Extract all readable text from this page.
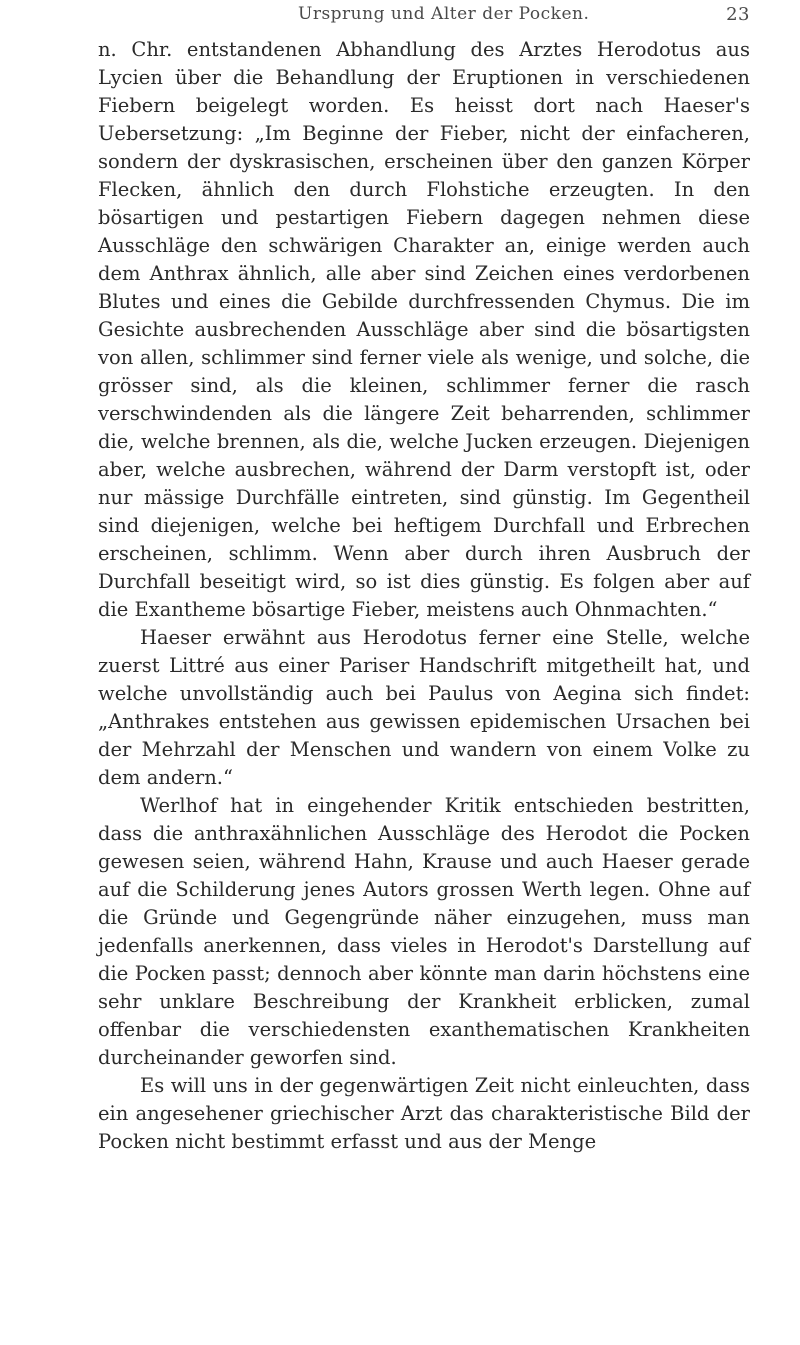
Ursprung und Alter der Pocken.	23

n. Chr. entstandenen Abhandlung des Arztes Herodotus aus Lycien über die Behandlung der Eruptionen in verschiedenen Fiebern beigelegt worden. Es heisst dort nach Haeser's Uebersetzung: „Im Beginne der Fieber, nicht der einfacheren, sondern der dyskrasischen, erscheinen über den ganzen Körper Flecken, ähnlich den durch Flohstiche erzeugten. In den bösartigen und pestartigen Fiebern dagegen nehmen diese Ausschläge den schwärigen Charakter an, einige werden auch dem Anthrax ähnlich, alle aber sind Zeichen eines verdorbenen Blutes und eines die Gebilde durchfressenden Chymus. Die im Gesichte ausbrechenden Ausschläge aber sind die bösartigsten von allen, schlimmer sind ferner viele als wenige, und solche, die grösser sind, als die kleinen, schlimmer ferner die rasch verschwindenden als die längere Zeit beharrenden, schlimmer die, welche brennen, als die, welche Jucken erzeugen. Diejenigen aber, welche ausbrechen, während der Darm verstopft ist, oder nur mässige Durchfälle eintreten, sind günstig. Im Gegentheil sind diejenigen, welche bei heftigem Durchfall und Erbrechen erscheinen, schlimm. Wenn aber durch ihren Ausbruch der Durchfall beseitigt wird, so ist dies günstig. Es folgen aber auf die Exantheme bösartige Fieber, meistens auch Ohnmachten.“

Haeser erwähnt aus Herodotus ferner eine Stelle, welche zuerst Littré aus einer Pariser Handschrift mitgetheilt hat, und welche unvollständig auch bei Paulus von Aegina sich findet: „Anthrakes entstehen aus gewissen epidemischen Ursachen bei der Mehrzahl der Menschen und wandern von einem Volke zu dem andern.“

Werlhof hat in eingehender Kritik entschieden bestritten, dass die anthraxähnlichen Ausschläge des Herodot die Pocken gewesen seien, während Hahn, Krause und auch Haeser gerade auf die Schilderung jenes Autors grossen Werth legen. Ohne auf die Gründe und Gegengründe näher einzugehen, muss man jedenfalls anerkennen, dass vieles in Herodot's Darstellung auf die Pocken passt; dennoch aber könnte man darin höchstens eine sehr unklare Beschreibung der Krankheit erblicken, zumal offenbar die verschiedensten exanthematischen Krankheiten durcheinander geworfen sind.

Es will uns in der gegenwärtigen Zeit nicht einleuchten, dass ein angesehener griechischer Arzt das charakteristische Bild der Pocken nicht bestimmt erfasst und aus der Menge
